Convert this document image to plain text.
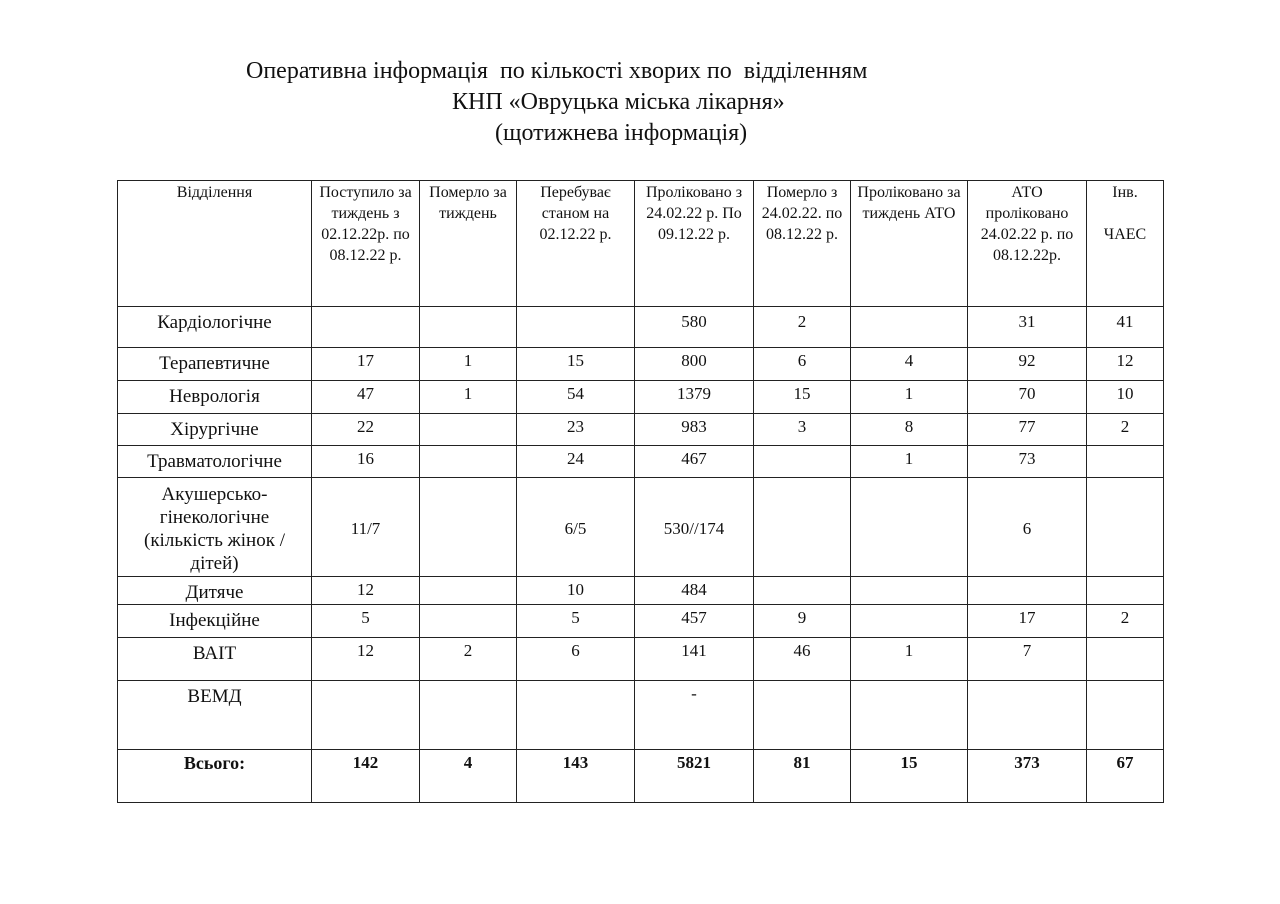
Оперативна інформація  по кількості хворих по  відділенням
КНП «Овруцька міська лікарня»
(щотижнева інформація)
Відділення	Поступило за тиждень з 02.12.22р. по 08.12.22 р.	Померло за тиждень	Перебуває станом на 02.12.22 р.	Проліковано з 24.02.22 р. По 09.12.22 р.	Померло з 24.02.22. по 08.12.22 р.	Проліковано за тиждень АТО	АТО проліковано 24.02.22 р. по 08.12.22р.	Інв.
ЧАЕС
Кардіологічне				580	2		31	41
Терапевтичне	17	1	15	800	6	4	92	12
Неврологія	47	1	54	1379	15	1	70	10
Хірургічне	22		23	983	3	8	77	2
Травматологічне	16		24	467		1	73	
Акушерсько-гінекологічне (кількість жінок / дітей)	11/7		6/5	530//174			6	
Дитяче	12		10	484				
Інфекційне	5		5	457	9		17	2
ВАІТ	12	2	6	141	46	1	7	
ВЕМД				-				
Всього:	142	4	143	5821	81	15	373	67
